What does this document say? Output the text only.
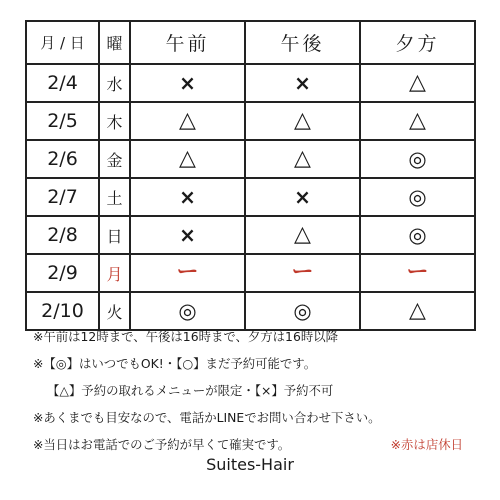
月 / 日	曜	午前	午後	夕方
2/4	水	×	×	△
2/5	木	△	△	△
2/6	金	△	△	◎
2/7	土	×	×	◎
2/8	日	×	△	◎
2/9	月	ー	ー	ー
2/10	火	◎	◎	△
※午前は12時まで、午後は16時まで、夕方は16時以降
※【◎】はいつでもOK!・【○】まだ予約可能です。
【△】予約の取れるメニューが限定・【×】予約不可
※あくまでも目安なので、電話かLINEでお問い合わせ下さい。
※当日はお電話でのご予約が早くて確実です。	※赤は店休日
Suites-Hair
